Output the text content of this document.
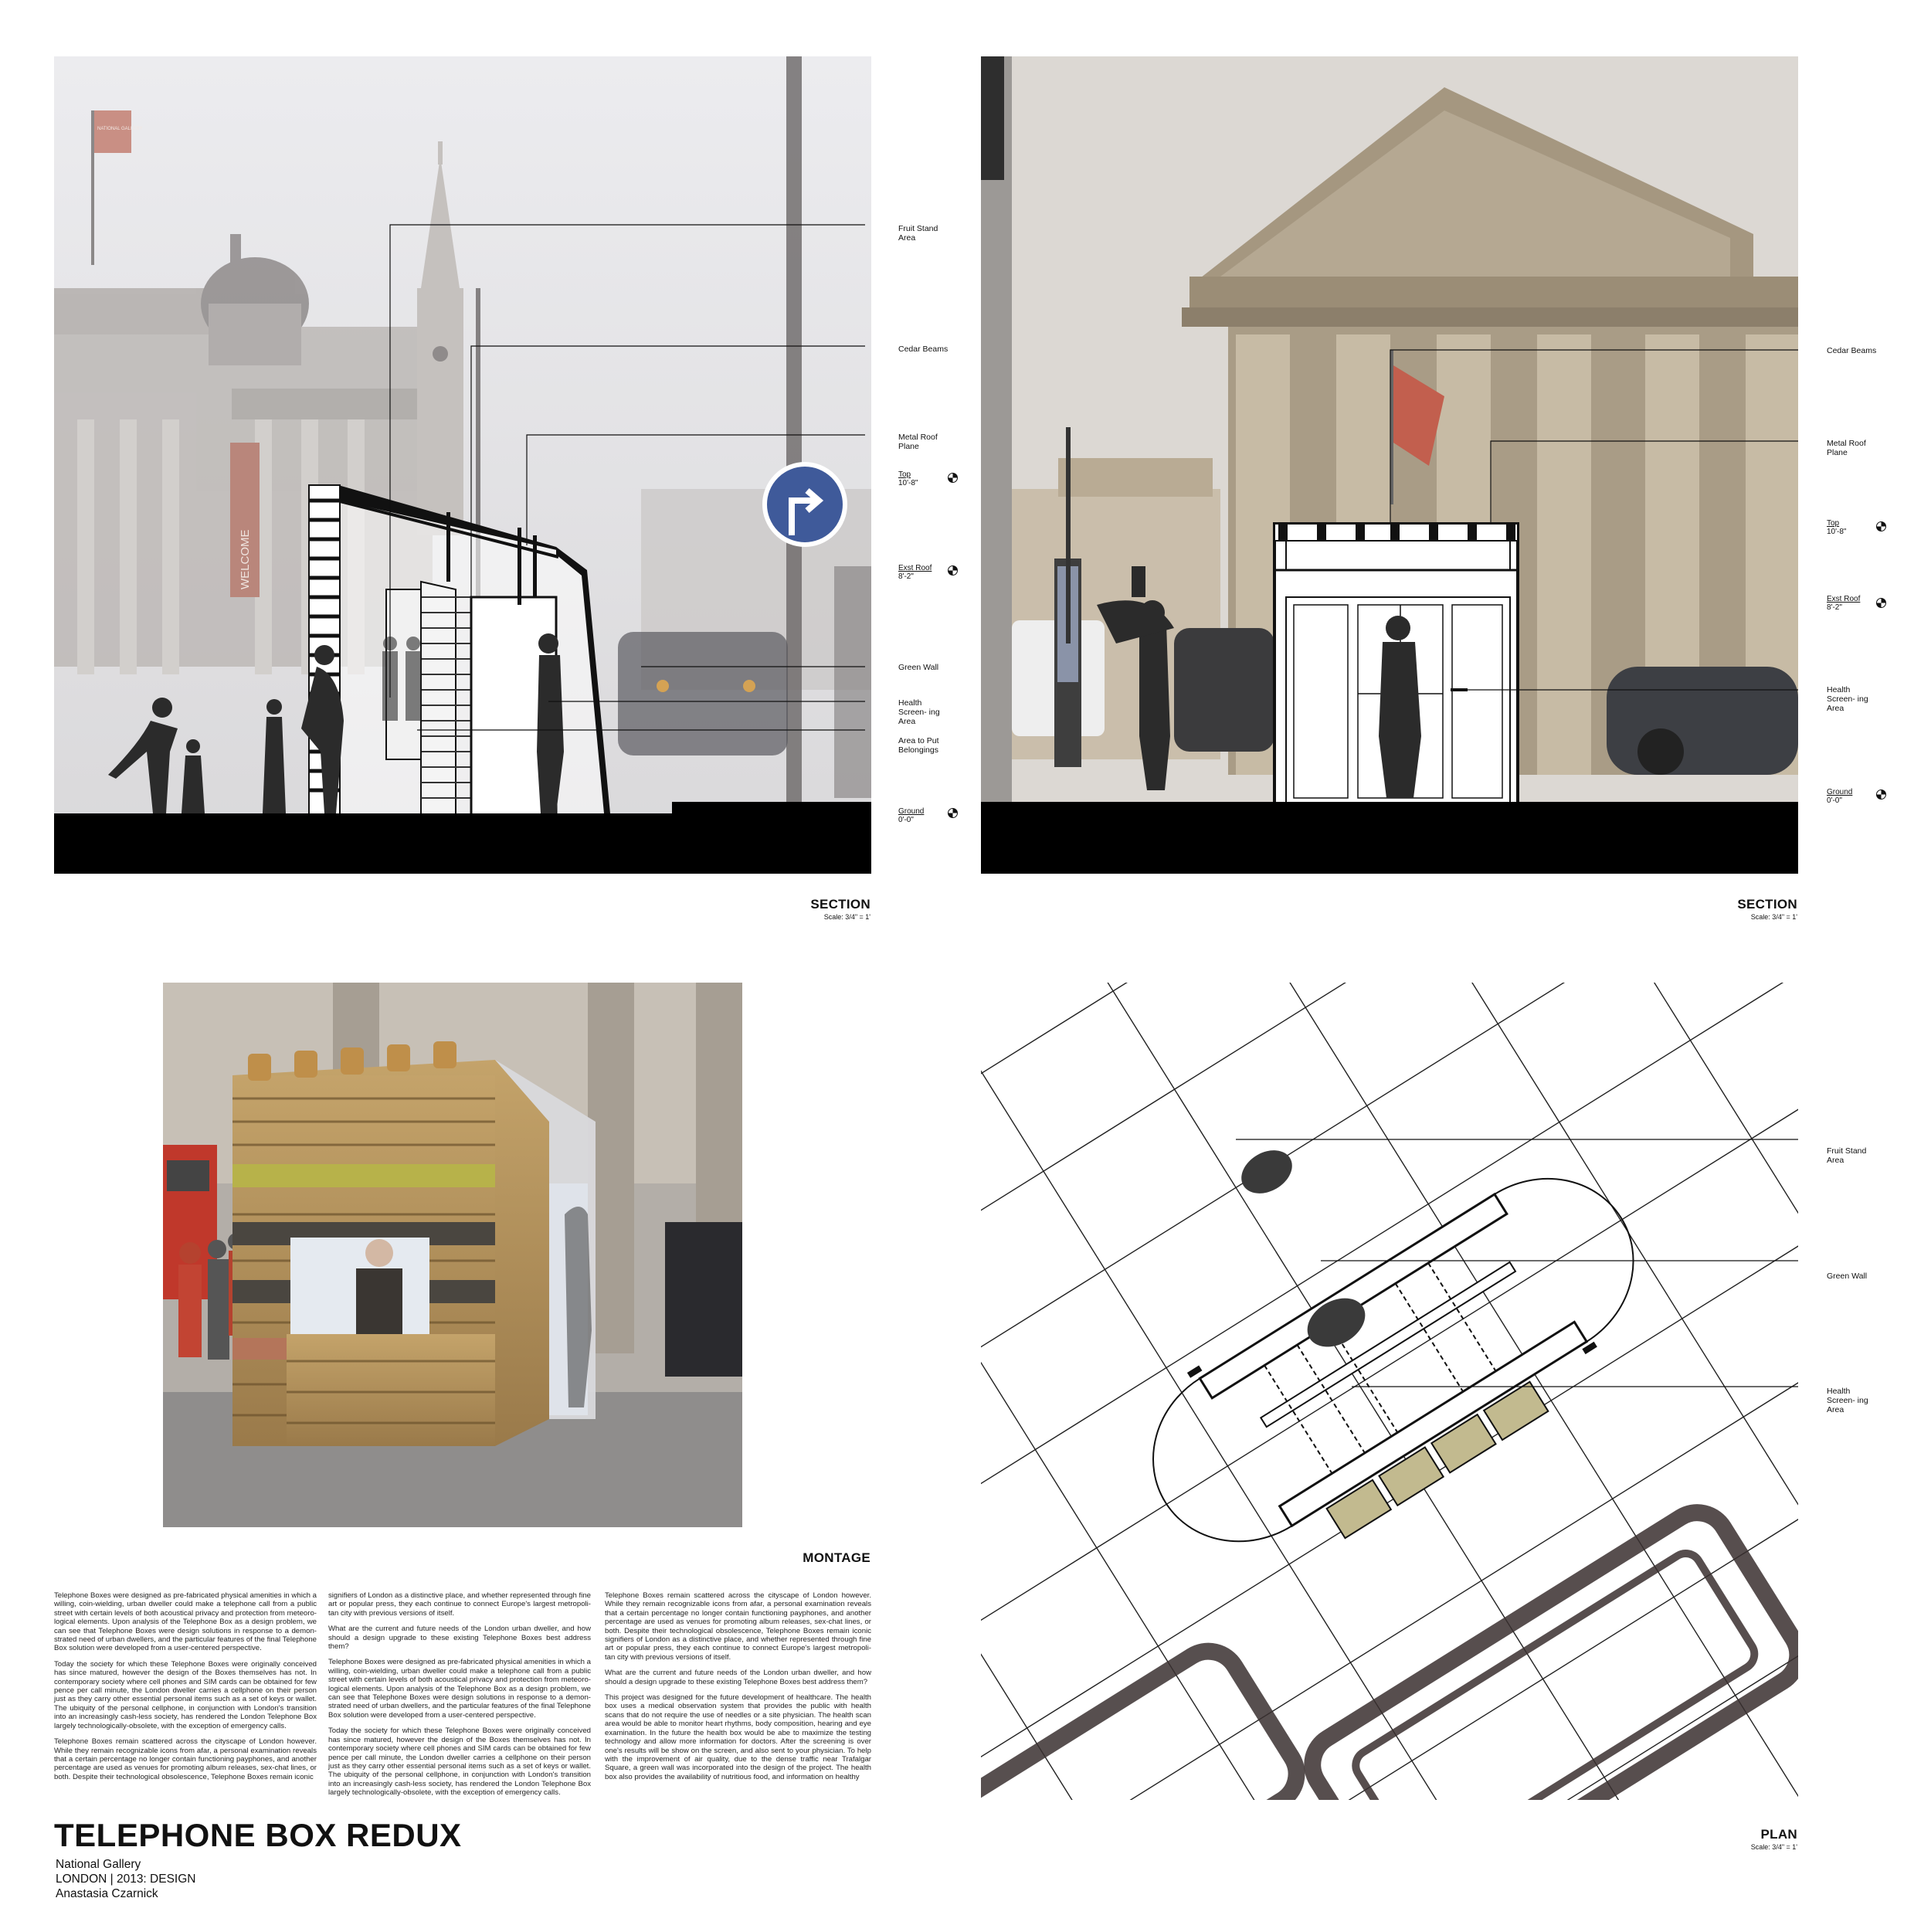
WELCOME
NATIONAL GALLERY
Fruit Stand Area
Cedar Beams
Metal Roof Plane
Green Wall
Health Screen- ing Area
Area to Put Belongings
Top
10'-8"
Exst Roof
8'-2"
Ground
0'-0"
SECTION
Scale: 3/4" = 1'
Cedar Beams
Metal Roof Plane
Health Screen- ing Area
Top
10'-8"
Exst Roof
8'-2"
Ground
0'-0"
SECTION
Scale: 3/4" = 1'
MONTAGE

Telephone Boxes were designed as pre-fabricated physical amenities in which a willing, coin-wielding, urban dweller could make a telephone call from a public street with certain levels of both acoustical privacy and protection from meteoro-logical elements. Upon analysis of the Telephone Box as a design problem, we can see that Telephone Boxes were design solutions in response to a demon-strated need of urban dwellers, and the particular features of the final Telephone Box solution were developed from a user-centered perspective.

Today the society for which these Telephone Boxes were originally conceived has since matured, however the design of the Boxes themselves has not. In contemporary society where cell phones and SIM cards can be obtained for few pence per call minute, the London dweller carries a cellphone on their person just as they carry other essential personal items such as a set of keys or wallet. The ubiquity of the personal cellphone, in conjunction with London's transition into an increasingly cash-less society, has rendered the London Telephone Box largely technologically-obsolete, with the exception of emergency calls.

Telephone Boxes remain scattered across the cityscape of London however. While they remain recognizable icons from afar, a personal examination reveals that a certain percentage no longer contain functioning payphones, and another percentage are used as venues for promoting album releases, sex-chat lines, or both. Despite their technological obsolescence, Telephone Boxes remain iconic

signifiers of London as a distinctive place, and whether represented through fine art or popular press, they each continue to connect Europe's largest metropoli-tan city with previous versions of itself.

What are the current and future needs of the London urban dweller, and how should a design upgrade to these existing Telephone Boxes best address them?

Telephone Boxes were designed as pre-fabricated physical amenities in which a willing, coin-wielding, urban dweller could make a telephone call from a public street with certain levels of both acoustical privacy and protection from meteoro-logical elements. Upon analysis of the Telephone Box as a design problem, we can see that Telephone Boxes were design solutions in response to a demon-strated need of urban dwellers, and the particular features of the final Telephone Box solution were developed from a user-centered perspective.

Today the society for which these Telephone Boxes were originally conceived has since matured, however the design of the Boxes themselves has not. In contemporary society where cell phones and SIM cards can be obtained for few pence per call minute, the London dweller carries a cellphone on their person just as they carry other essential personal items such as a set of keys or wallet. The ubiquity of the personal cellphone, in conjunction with London's transition into an increasingly cash-less society, has rendered the London Telephone Box largely technologically-obsolete, with the exception of emergency calls.

Telephone Boxes remain scattered across the cityscape of London however. While they remain recognizable icons from afar, a personal examination reveals that a certain percentage no longer contain functioning payphones, and another percentage are used as venues for promoting album releases, sex-chat lines, or both. Despite their technological obsolescence, Telephone Boxes remain iconic signifiers of London as a distinctive place, and whether represented through fine art or popular press, they each continue to connect Europe's largest metropoli-tan city with previous versions of itself.

What are the current and future needs of the London urban dweller, and how should a design upgrade to these existing Telephone Boxes best address them?

This project was designed for the future development of healthcare. The health box uses a medical observation system that provides the public with health scans that do not require the use of needles or a site physician. The health scan area would be able to monitor heart rhythms, body composition, hearing and eye examination. In the future the health box would be abe to maximize the testing technology and allow more information for doctors. After the screening is over one's results will be show on the screen, and also sent to your physician. To help with the improvement of air quality, due to the dense traffic near Trafalgar Square, a green wall was incorporated into the design of the project. The health box also provides the availability of nutritious food, and information on healthy

TELEPHONE BOX REDUX
National Gallery
LONDON | 2013: DESIGN
Anastasia Czarnick
Fruit Stand Area
Green Wall
Health Screen- ing Area
PLAN
Scale: 3/4" = 1'
